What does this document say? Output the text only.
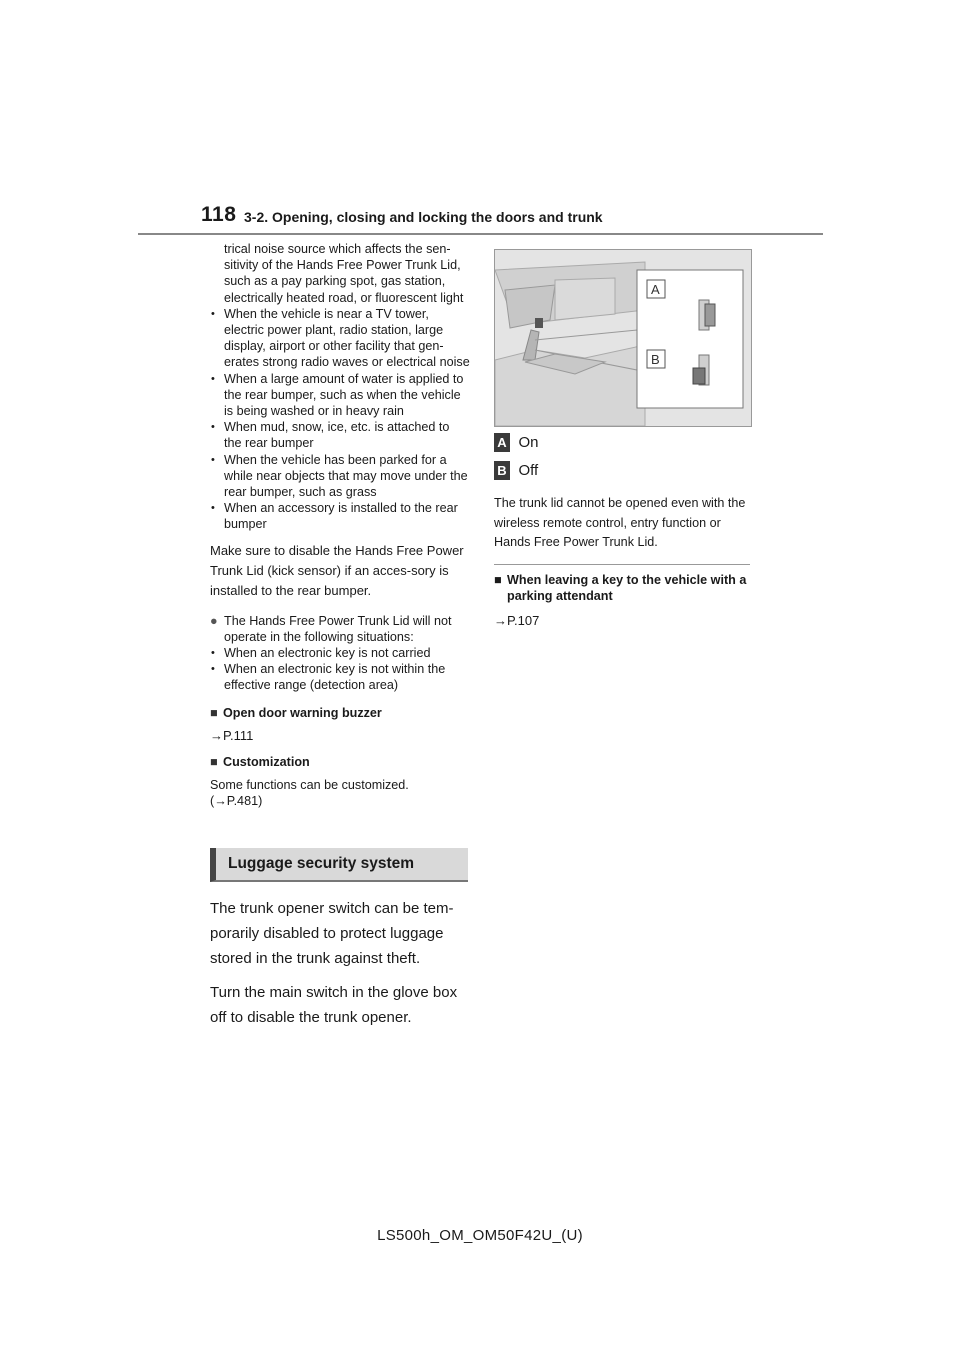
118 3-2. Opening, closing and locking the doors and trunk
trical noise source which affects the sen-sitivity of the Hands Free Power Trunk Lid, such as a pay parking spot, gas station, electrically heated road, or fluorescent light
• When the vehicle is near a TV tower, electric power plant, radio station, large display, airport or other facility that gen-erates strong radio waves or electrical noise
• When a large amount of water is applied to the rear bumper, such as when the vehicle is being washed or in heavy rain
• When mud, snow, ice, etc. is attached to the rear bumper
• When the vehicle has been parked for a while near objects that may move under the rear bumper, such as grass
• When an accessory is installed to the rear bumper
Make sure to disable the Hands Free Power Trunk Lid (kick sensor) if an acces-sory is installed to the rear bumper.
● The Hands Free Power Trunk Lid will not operate in the following situations:
• When an electronic key is not carried
• When an electronic key is not within the effective range (detection area)
■ Open door warning buzzer
→P.111
■ Customization
Some functions can be customized.
(→P.481)
Luggage security system
The trunk opener switch can be tem-porarily disabled to protect luggage stored in the trunk against theft.
Turn the main switch in the glove box off to disable the trunk opener.
A
B
A On
B Off
The trunk lid cannot be opened even with the wireless remote control, entry function or Hands Free Power Trunk Lid.
■ When leaving a key to the vehicle with a parking attendant
→P.107
LS500h_OM_OM50F42U_(U)
